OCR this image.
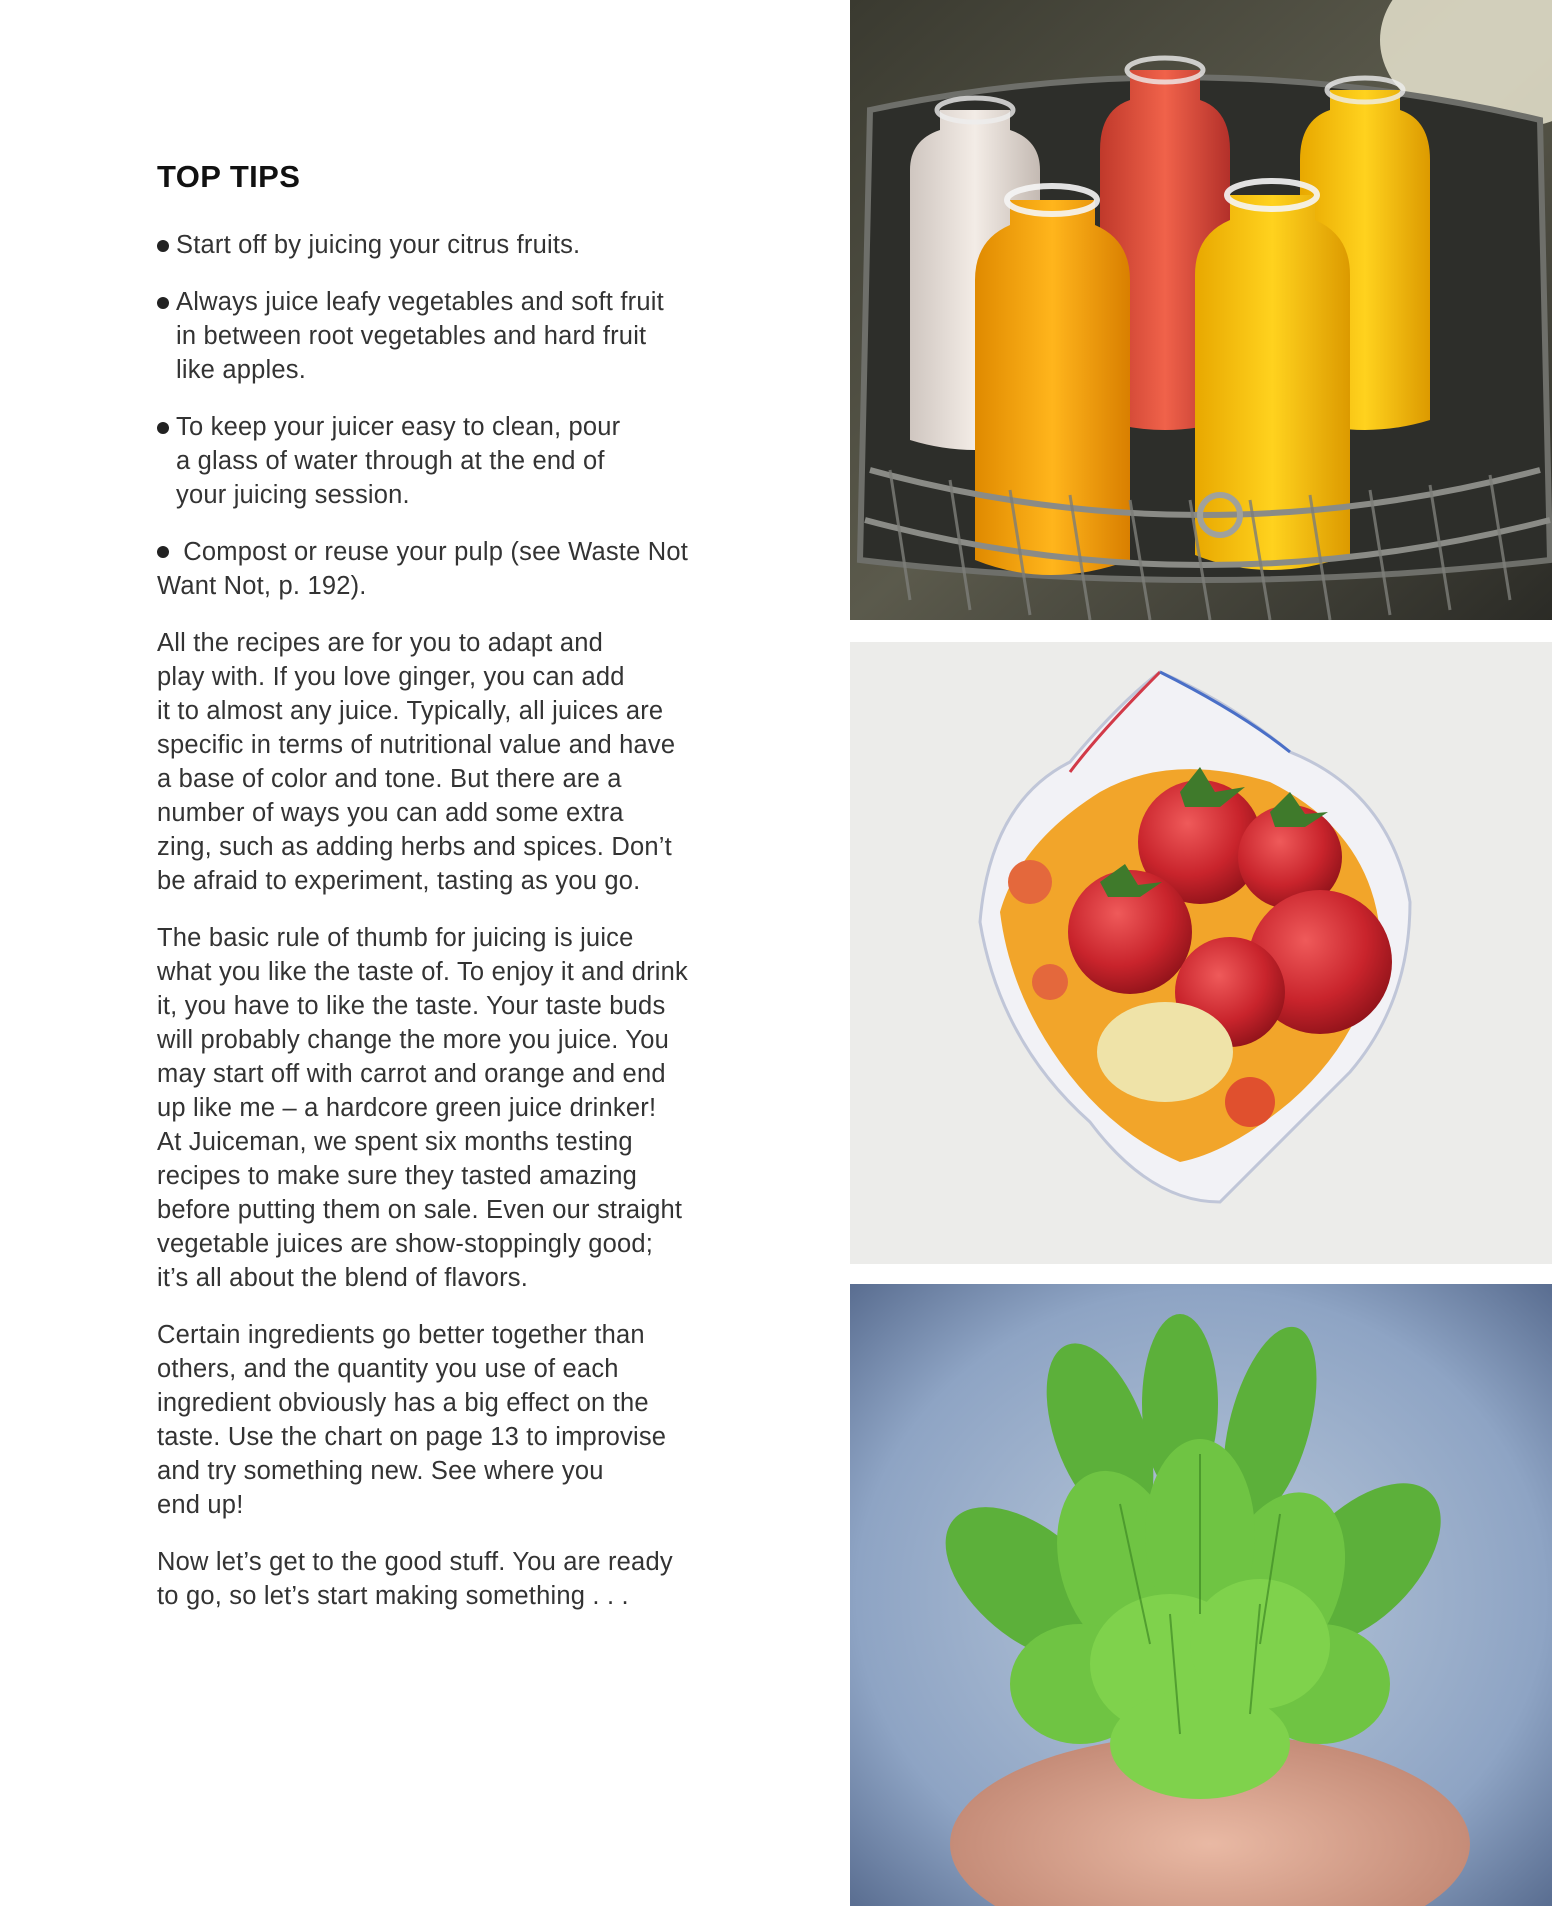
TOP TIPS
Start off by juicing your citrus fruits.
Always juice leafy vegetables and soft fruit
in between root vegetables and hard fruit
like apples.
To keep your juicer easy to clean, pour
a glass of water through at the end of
your juicing session.
Compost or reuse your pulp (see Waste Not
Want Not, p. 192).

All the recipes are for you to adapt and
play with. If you love ginger, you can add
it to almost any juice. Typically, all juices are
specific in terms of nutritional value and have
a base of color and tone. But there are a
number of ways you can add some extra
zing, such as adding herbs and spices. Don’t
be afraid to experiment, tasting as you go.

The basic rule of thumb for juicing is juice
what you like the taste of. To enjoy it and drink
it, you have to like the taste. Your taste buds
will probably change the more you juice. You
may start off with carrot and orange and end
up like me – a hardcore green juice drinker!
At Juiceman, we spent six months testing
recipes to make sure they tasted amazing
before putting them on sale. Even our straight
vegetable juices are show-stoppingly good;
it’s all about the blend of flavors.

Certain ingredients go better together than
others, and the quantity you use of each
ingredient obviously has a big effect on the
taste. Use the chart on page 13 to improvise
and try something new. See where you
end up!

Now let’s get to the good stuff. You are ready
to go, so let’s start making something . . .
